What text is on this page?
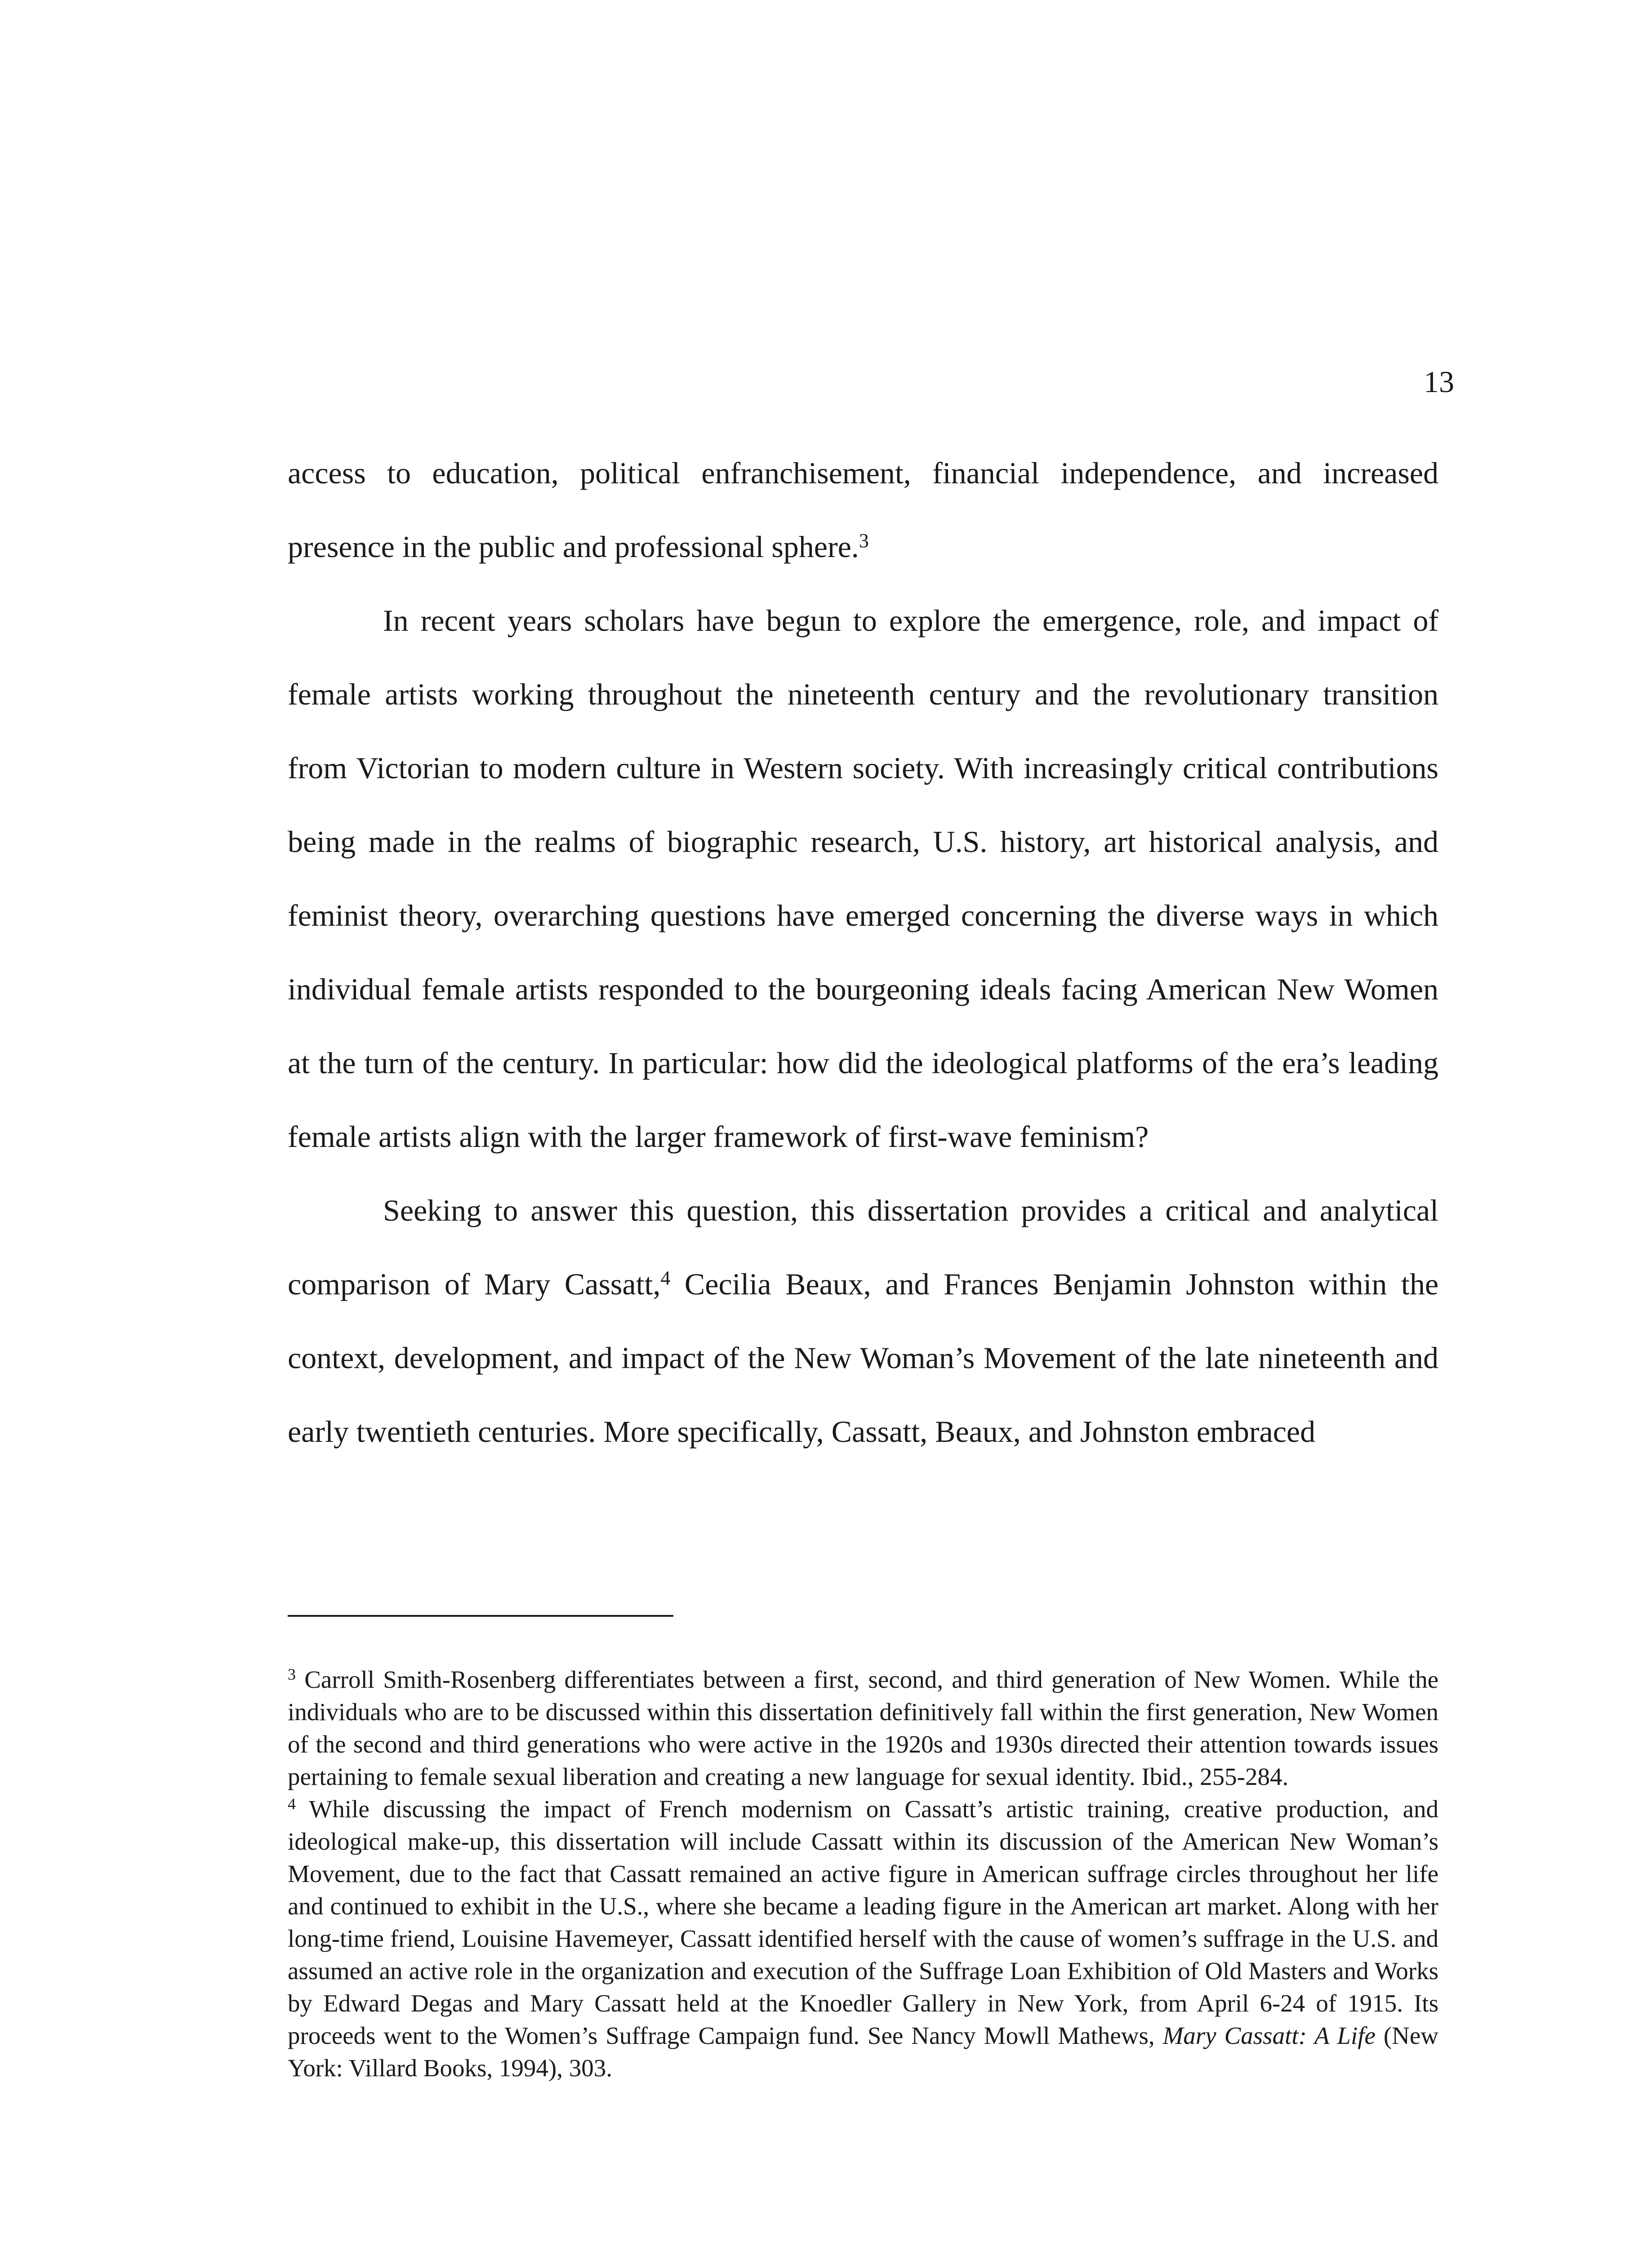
13

access to education, political enfranchisement, financial independence, and increased presence in the public and professional sphere.$^3$

In recent years scholars have begun to explore the emergence, role, and impact of female artists working throughout the nineteenth century and the revolutionary transition from Victorian to modern culture in Western society. With increasingly critical contributions being made in the realms of biographic research, U.S. history, art historical analysis, and feminist theory, overarching questions have emerged concerning the diverse ways in which individual female artists responded to the bourgeoning ideals facing American New Women at the turn of the century. In particular: how did the ideological platforms of the era’s leading female artists align with the larger framework of first-wave feminism?

Seeking to answer this question, this dissertation provides a critical and analytical comparison of Mary Cassatt,$^4$ Cecilia Beaux, and Frances Benjamin Johnston within the context, development, and impact of the New Woman’s Movement of the late nineteenth and early twentieth centuries. More specifically, Cassatt, Beaux, and Johnston embraced

$^3$ Carroll Smith-Rosenberg differentiates between a first, second, and third generation of New Women. While the individuals who are to be discussed within this dissertation definitively fall within the first generation, New Women of the second and third generations who were active in the 1920s and 1930s directed their attention towards issues pertaining to female sexual liberation and creating a new language for sexual identity. Ibid., 255-284.

$^4$ While discussing the impact of French modernism on Cassatt’s artistic training, creative production, and ideological make-up, this dissertation will include Cassatt within its discussion of the American New Woman’s Movement, due to the fact that Cassatt remained an active figure in American suffrage circles throughout her life and continued to exhibit in the U.S., where she became a leading figure in the American art market. Along with her long-time friend, Louisine Havemeyer, Cassatt identified herself with the cause of women’s suffrage in the U.S. and assumed an active role in the organization and execution of the Suffrage Loan Exhibition of Old Masters and Works by Edward Degas and Mary Cassatt held at the Knoedler Gallery in New York, from April 6-24 of 1915. Its proceeds went to the Women’s Suffrage Campaign fund. See Nancy Mowll Mathews, Mary Cassatt: A Life (New York: Villard Books, 1994), 303.
